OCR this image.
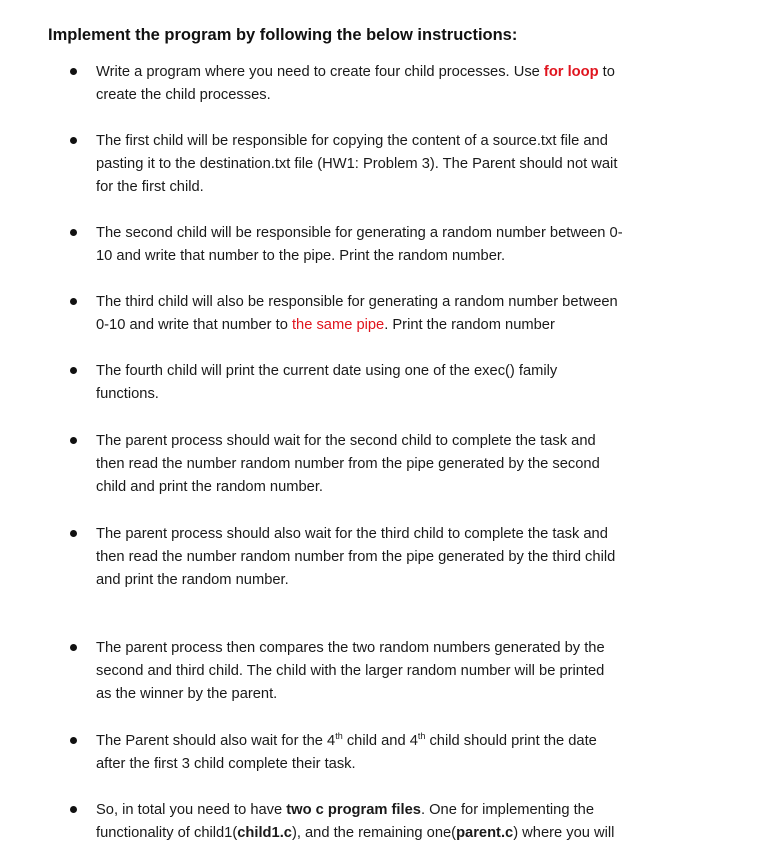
Implement the program by following the below instructions:
Write a program where you need to create four child processes. Use for loop to
create the child processes.
The first child will be responsible for copying the content of a source.txt file and
pasting it to the destination.txt file (HW1: Problem 3). The Parent should not wait
for the first child.
The second child will be responsible for generating a random number between 0-
10 and write that number to the pipe. Print the random number.
The third child will also be responsible for generating a random number between
0-10 and write that number to the same pipe. Print the random number
The fourth child will print the current date using one of the exec() family
functions.
The parent process should wait for the second child to complete the task and
then read the number random number from the pipe generated by the second
child and print the random number.
The parent process should also wait for the third child to complete the task and
then read the number random number from the pipe generated by the third child
and print the random number.
The parent process then compares the two random numbers generated by the
second and third child. The child with the larger random number will be printed
as the winner by the parent.
The Parent should also wait for the 4th child and 4th child should print the date
after the first 3 child complete their task.
So, in total you need to have two c program files. One for implementing the
functionality of child1(child1.c), and the remaining one(parent.c) where you will
